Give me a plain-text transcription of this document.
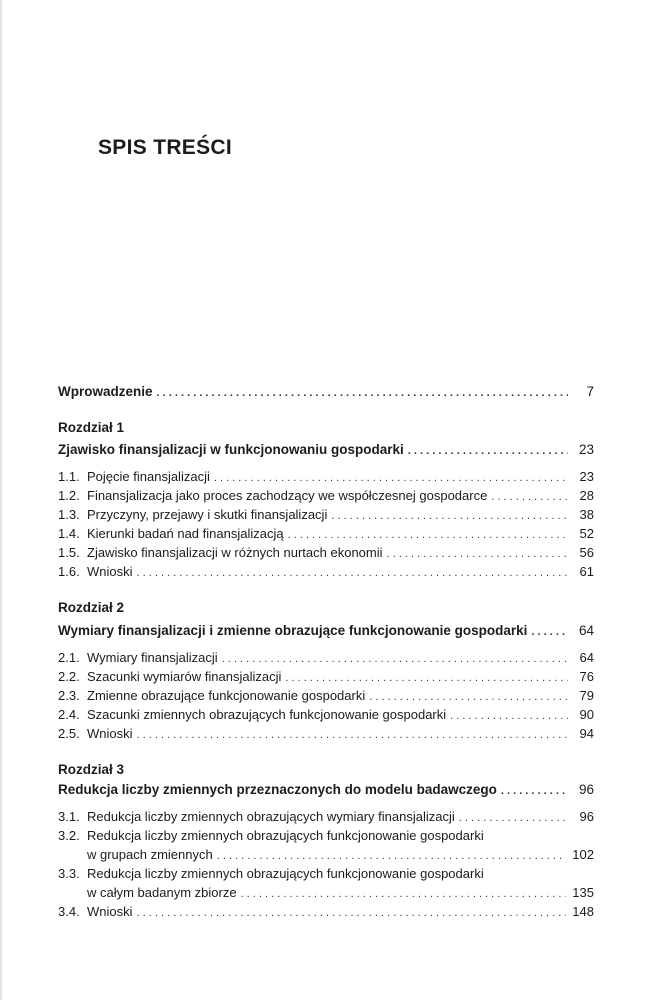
SPIS TREŚCI
Wprowadzenie . . .	7
Rozdział 1
Zjawisko finansjalizacji w funkcjonowaniu gospodarki . . .	23
1.1. Pojęcie finansjalizacji . . .	23
1.2. Finansjalizacja jako proces zachodzący we współczesnej gospodarce . . .	28
1.3. Przyczyny, przejawy i skutki finansjalizacji . . .	38
1.4. Kierunki badań nad finansjalizacją . . .	52
1.5. Zjawisko finansjalizacji w różnych nurtach ekonomii . . .	56
1.6. Wnioski . . .	61
Rozdział 2
Wymiary finansjalizacji i zmienne obrazujące funkcjonowanie gospodarki . . .	64
2.1. Wymiary finansjalizacji . . .	64
2.2. Szacunki wymiarów finansjalizacji . . .	76
2.3. Zmienne obrazujące funkcjonowanie gospodarki . . .	79
2.4. Szacunki zmiennych obrazujących funkcjonowanie gospodarki . . .	90
2.5. Wnioski . . .	94
Rozdział 3
Redukcja liczby zmiennych przeznaczonych do modelu badawczego . . .	96
3.1. Redukcja liczby zmiennych obrazujących wymiary finansjalizacji . . .	96
3.2. Redukcja liczby zmiennych obrazujących funkcjonowanie gospodarki
w grupach zmiennych . . .	102
3.3. Redukcja liczby zmiennych obrazujących funkcjonowanie gospodarki
w całym badanym zbiorze . . .	135
3.4. Wnioski . . .	148
